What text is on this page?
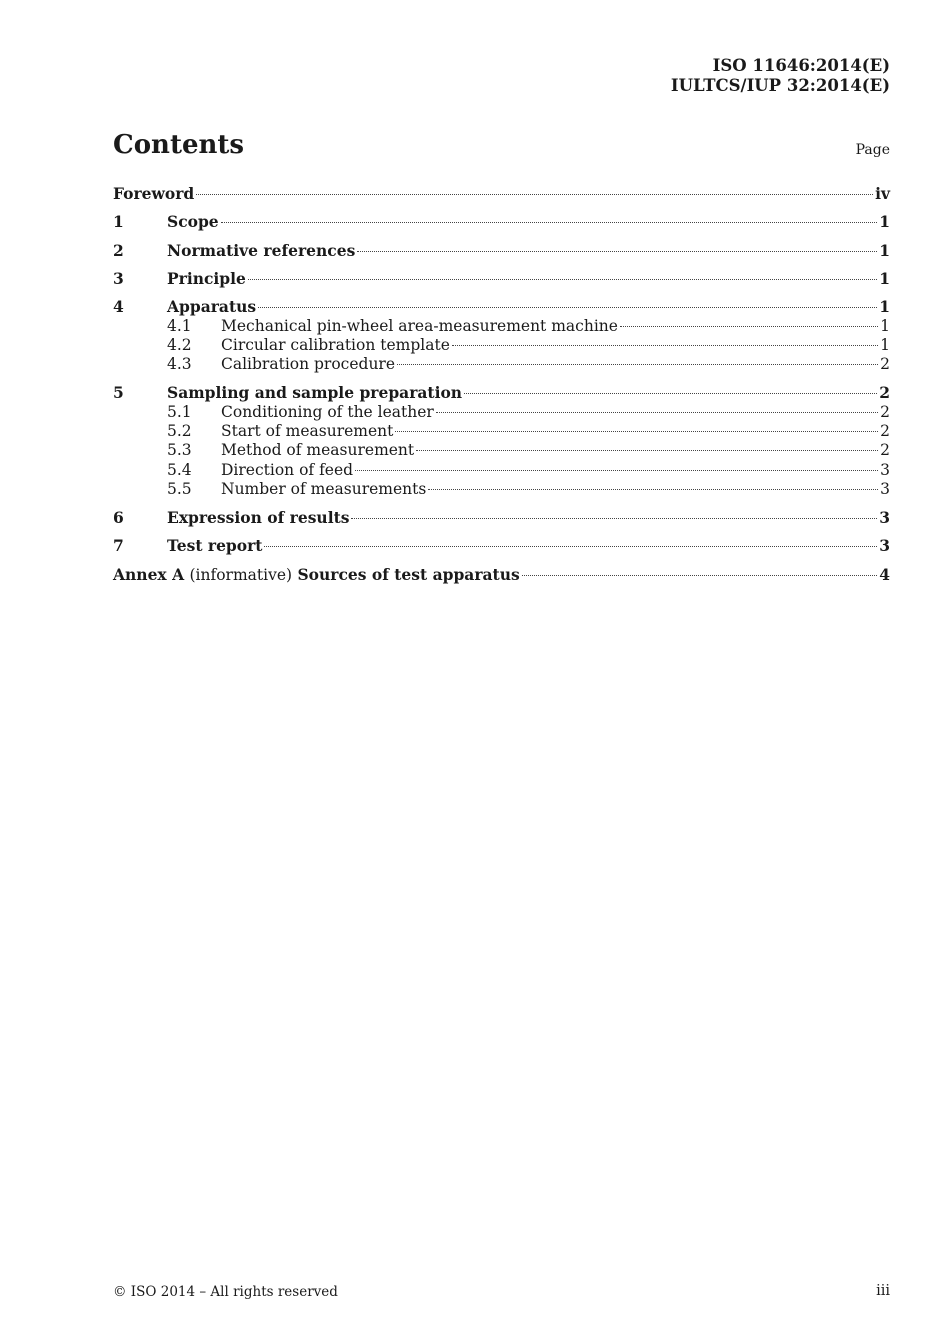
ISO 11646:2014(E)
IULTCS/IUP 32:2014(E)
Contents	Page
Foreword	iv
1	Scope	1
2	Normative references	1
3	Principle	1
4	Apparatus	1
4.1	Mechanical pin-wheel area-measurement machine	1
4.2	Circular calibration template	1
4.3	Calibration procedure	2
5	Sampling and sample preparation	2
5.1	Conditioning of the leather	2
5.2	Start of measurement	2
5.3	Method of measurement	2
5.4	Direction of feed	3
5.5	Number of measurements	3
6	Expression of results	3
7	Test report	3
Annex A (informative) Sources of test apparatus	4
© ISO 2014 – All rights reserved	iii
